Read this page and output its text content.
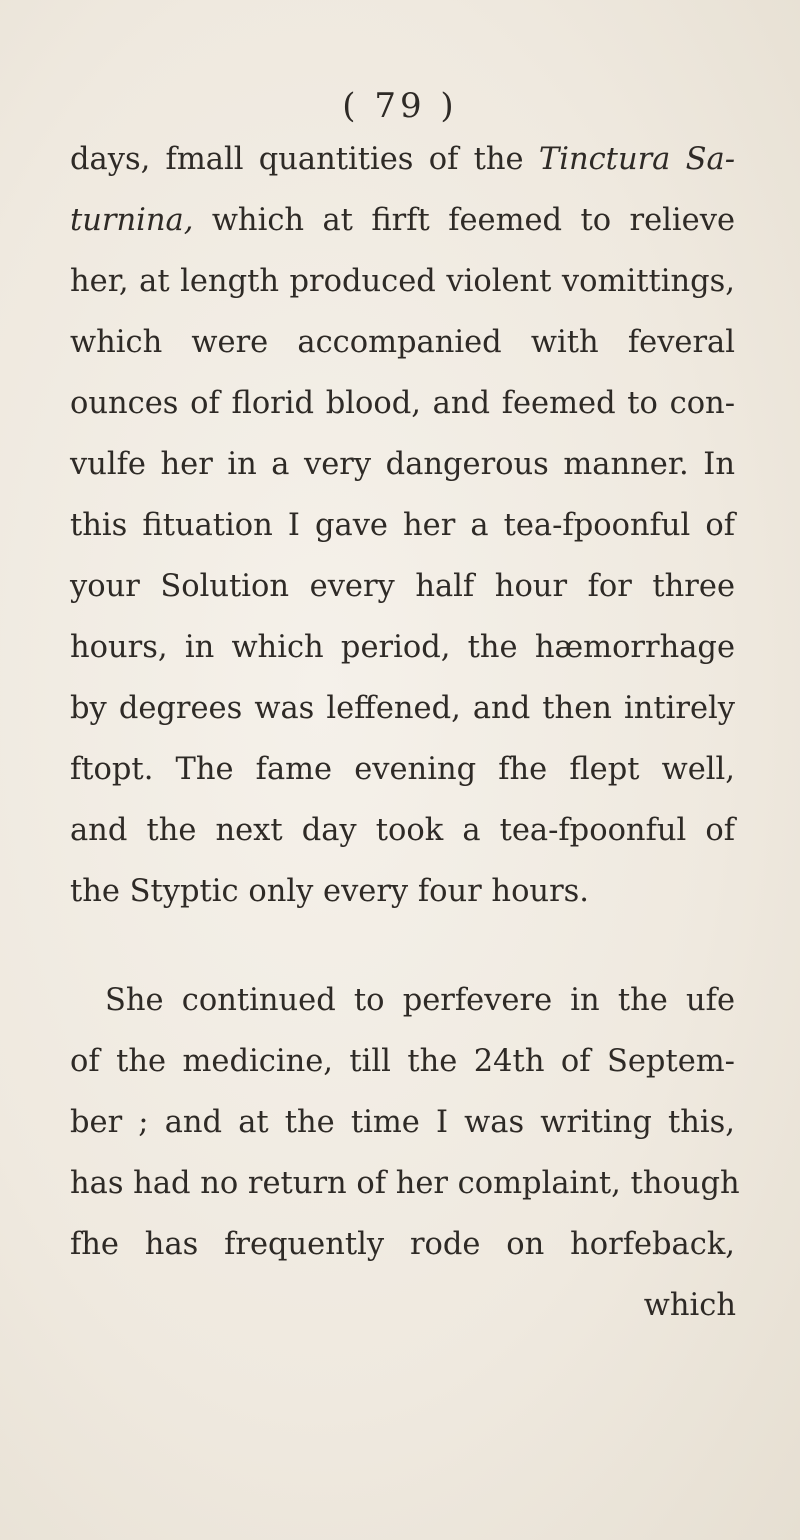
( 79 )
days, fmall quantities of the Tinctura Sa-
turnina, which at firft feemed to relieve
her, at length produced violent vomittings,
which were accompanied with feveral
ounces of florid blood, and feemed to con-
vulfe her in a very dangerous manner. In
this fituation I gave her a tea-fpoonful of
your Solution every half hour for three
hours, in which period, the hæmorrhage
by degrees was leffened, and then intirely
ftopt. The fame evening fhe flept well,
and the next day took a tea-fpoonful of
the Styptic only every four hours.
She continued to perfevere in the ufe
of the medicine, till the 24th of Septem-
ber ; and at the time I was writing this,
has had no return of her complaint, though
fhe has frequently rode on horfeback,
which
